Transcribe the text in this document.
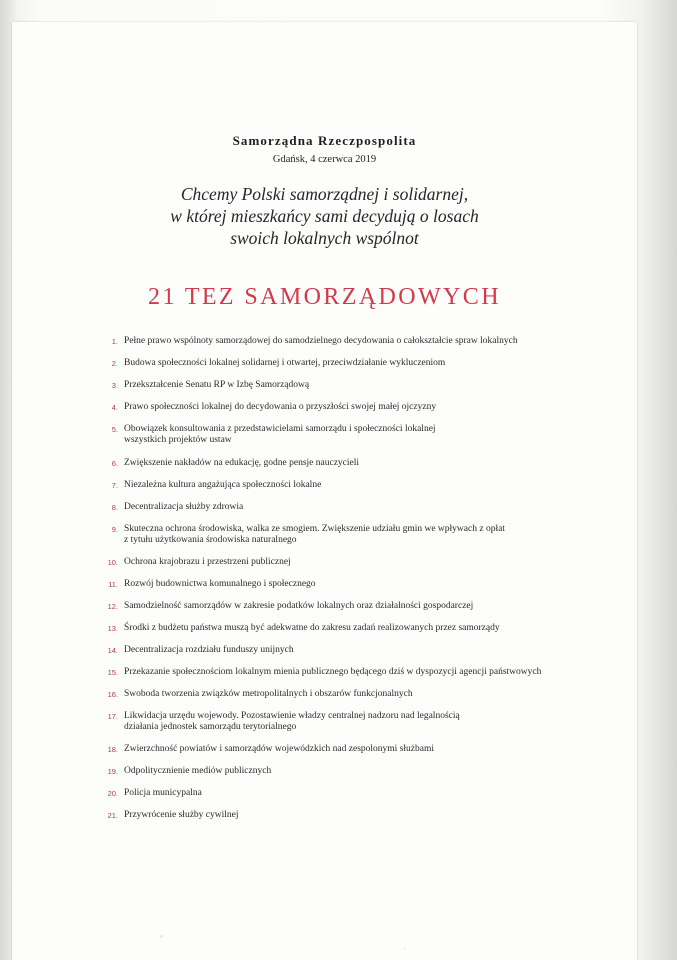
Samorządna Rzeczpospolita
Gdańsk, 4 czerwca 2019
Chcemy Polski samorządnej i solidarnej,
w której mieszkańcy sami decydują o losach
swoich lokalnych wspólnot
21 TEZ SAMORZĄDOWYCH
1. Pełne prawo wspólnoty samorządowej do samodzielnego decydowania o całokształcie spraw lokalnych
2. Budowa społeczności lokalnej solidarnej i otwartej, przeciwdziałanie wykluczeniom
3. Przekształcenie Senatu RP w Izbę Samorządową
4. Prawo społeczności lokalnej do decydowania o przyszłości swojej małej ojczyzny
5. Obowiązek konsultowania z przedstawicielami samorządu i społeczności lokalnej
wszystkich projektów ustaw
6. Zwiększenie nakładów na edukację, godne pensje nauczycieli
7. Niezależna kultura angażująca społeczności lokalne
8. Decentralizacja służby zdrowia
9. Skuteczna ochrona środowiska, walka ze smogiem. Zwiększenie udziału gmin we wpływach z opłat
z tytułu użytkowania środowiska naturalnego
10. Ochrona krajobrazu i przestrzeni publicznej
11. Rozwój budownictwa komunalnego i społecznego
12. Samodzielność samorządów w zakresie podatków lokalnych oraz działalności gospodarczej
13. Środki z budżetu państwa muszą być adekwatne do zakresu zadań realizowanych przez samorządy
14. Decentralizacja rozdziału funduszy unijnych
15. Przekazanie społecznościom lokalnym mienia publicznego będącego dziś w dyspozycji agencji państwowych
16. Swoboda tworzenia związków metropolitalnych i obszarów funkcjonalnych
17. Likwidacja urzędu wojewody. Pozostawienie władzy centralnej nadzoru nad legalnością
działania jednostek samorządu terytorialnego
18. Zwierzchność powiatów i samorządów wojewódzkich nad zespolonymi służbami
19. Odpolitycznienie mediów publicznych
20. Policja municypalna
21. Przywrócenie służby cywilnej
